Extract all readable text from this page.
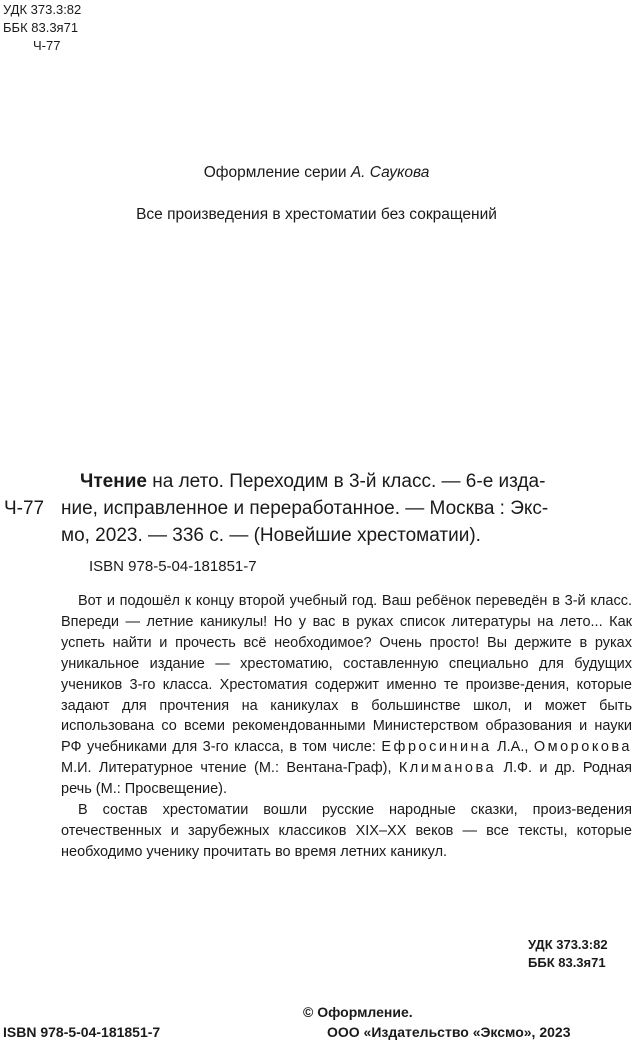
УДК 373.3:82
ББК 83.3я71
Ч-77
Оформление серии А. Саукова
Все произведения в хрестоматии без сокращений
Ч-77
Чтение на лето. Переходим в 3-й класс. — 6-е изда-
ние, исправленное и переработанное. — Москва : Экс-
мо, 2023. — 336 с. — (Новейшие хрестоматии).
ISBN 978-5-04-181851-7

Вот и подошёл к концу второй учебный год. Ваш ребёнок переведён в 3-й класс. Впереди — летние каникулы! Но у вас в руках список литературы на лето... Как успеть найти и прочесть всё необходимое? Очень просто! Вы держите в руках уникальное издание — хрестоматию, составленную специально для будущих учеников 3-го класса. Хрестоматия содержит именно те произве-дения, которые задают для прочтения на каникулах в большинстве школ, и может быть использована со всеми рекомендованными Министерством образования и науки РФ учебниками для 3-го класса, в том числе: Ефросинина Л.А., Оморокова М.И. Литературное чтение (М.: Вентана-Граф), Климанова Л.Ф. и др. Родная речь (М.: Просвещение).

В состав хрестоматии вошли русские народные сказки, произ-ведения отечественных и зарубежных классиков XIX–XX веков — все тексты, которые необходимо ученику прочитать во время летних каникул.

УДК 373.3:82
ББК 83.3я71
ISBN 978-5-04-181851-7
© Оформление.
ООО «Издательство «Эксмо», 2023
